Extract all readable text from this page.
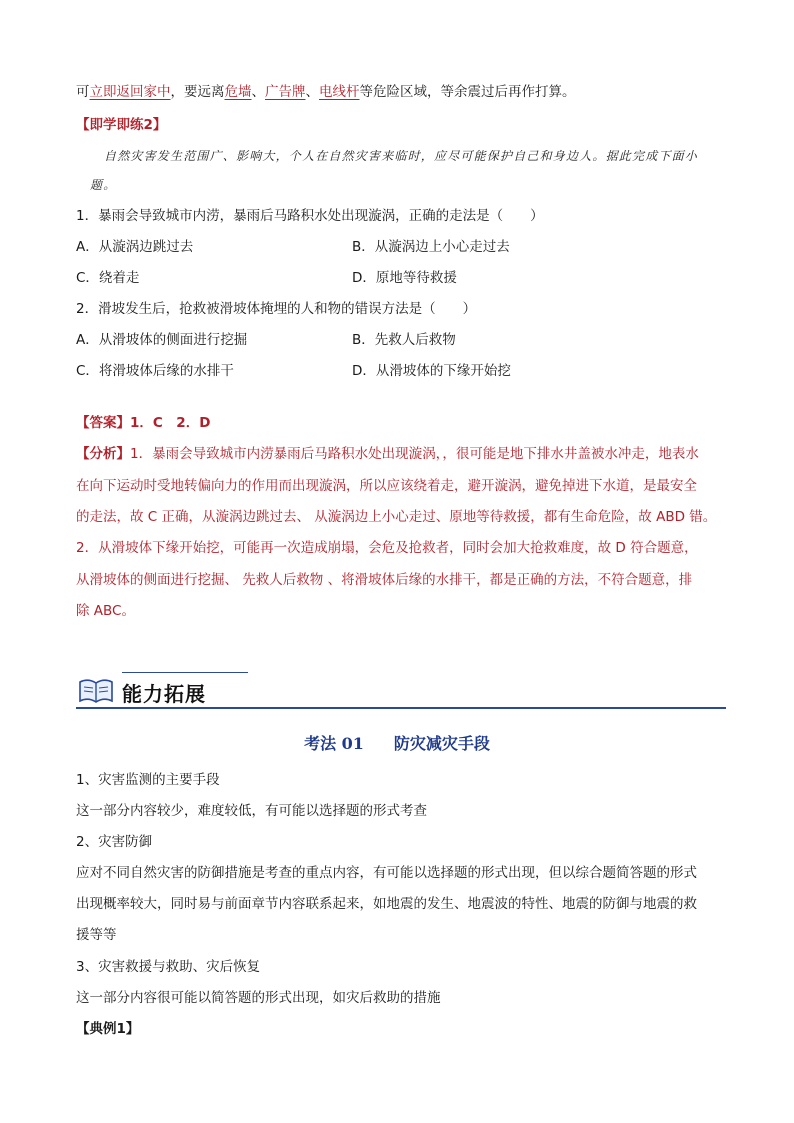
可立即返回家中，要远离危墙、广告牌、电线杆等危险区域，等余震过后再作打算。
【即学即练2】
自然灾害发生范围广、影响大，个人在自然灾害来临时，应尽可能保护自己和身边人。据此完成下面小
题。
1．暴雨会导致城市内涝，暴雨后马路积水处出现漩涡，正确的走法是（　　）
A．从漩涡边跳过去	B．从漩涡边上小心走过去
C．绕着走	D．原地等待救援
2．滑坡发生后，抢救被滑坡体掩埋的人和物的错误方法是（　　）
A．从滑坡体的侧面进行挖掘	B．先救人后救物
C．将滑坡体后缘的水排干	D．从滑坡体的下缘开始挖
【答案】1．C　2．D
【分析】1．暴雨会导致城市内涝暴雨后马路积水处出现漩涡，，很可能是地下排水井盖被水冲走，地表水
在向下运动时受地转偏向力的作用而出现漩涡，所以应该绕着走，避开漩涡，避免掉进下水道，是最安全
的走法，故 C 正确，从漩涡边跳过去、 从漩涡边上小心走过、原地等待救援，都有生命危险，故 ABD 错。
2．从滑坡体下缘开始挖，可能再一次造成崩塌，会危及抢救者，同时会加大抢救难度，故 D 符合题意，
从滑坡体的侧面进行挖掘、 先救人后救物 、将滑坡体后缘的水排干，都是正确的方法，不符合题意，排
除 ABC。
能力拓展
考法 01 防灾减灾手段
1、灾害监测的主要手段
这一部分内容较少，难度较低，有可能以选择题的形式考查
2、灾害防御
应对不同自然灾害的防御措施是考查的重点内容，有可能以选择题的形式出现，但以综合题简答题的形式
出现概率较大，同时易与前面章节内容联系起来，如地震的发生、地震波的特性、地震的防御与地震的救
援等等
3、灾害救援与救助、灾后恢复
这一部分内容很可能以简答题的形式出现，如灾后救助的措施
【典例1】
